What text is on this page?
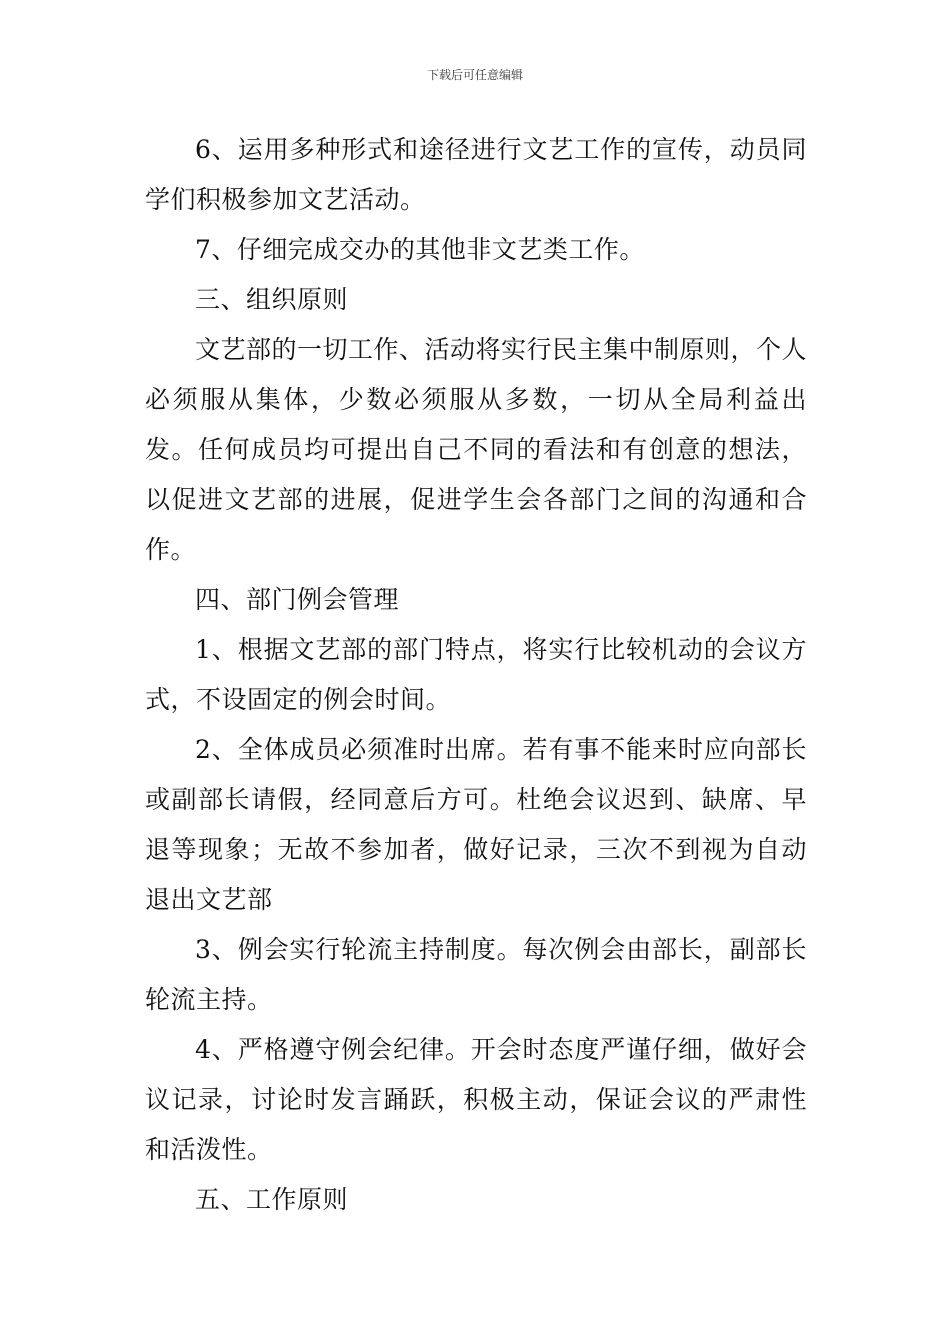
下载后可任意编辑

6、运用多种形式和途径进行文艺工作的宣传，动员同学们积极参加文艺活动。

7、仔细完成交办的其他非文艺类工作。

三、组织原则

文艺部的一切工作、活动将实行民主集中制原则，个人必须服从集体，少数必须服从多数，一切从全局利益出发。任何成员均可提出自己不同的看法和有创意的想法，以促进文艺部的进展，促进学生会各部门之间的沟通和合作。

四、部门例会管理

1、根据文艺部的部门特点，将实行比较机动的会议方式，不设固定的例会时间。

2、全体成员必须准时出席。若有事不能来时应向部长或副部长请假，经同意后方可。杜绝会议迟到、缺席、早退等现象；无故不参加者，做好记录，三次不到视为自动退出文艺部

3、例会实行轮流主持制度。每次例会由部长，副部长轮流主持。

4、严格遵守例会纪律。开会时态度严谨仔细，做好会议记录，讨论时发言踊跃，积极主动，保证会议的严肃性和活泼性。

五、工作原则
